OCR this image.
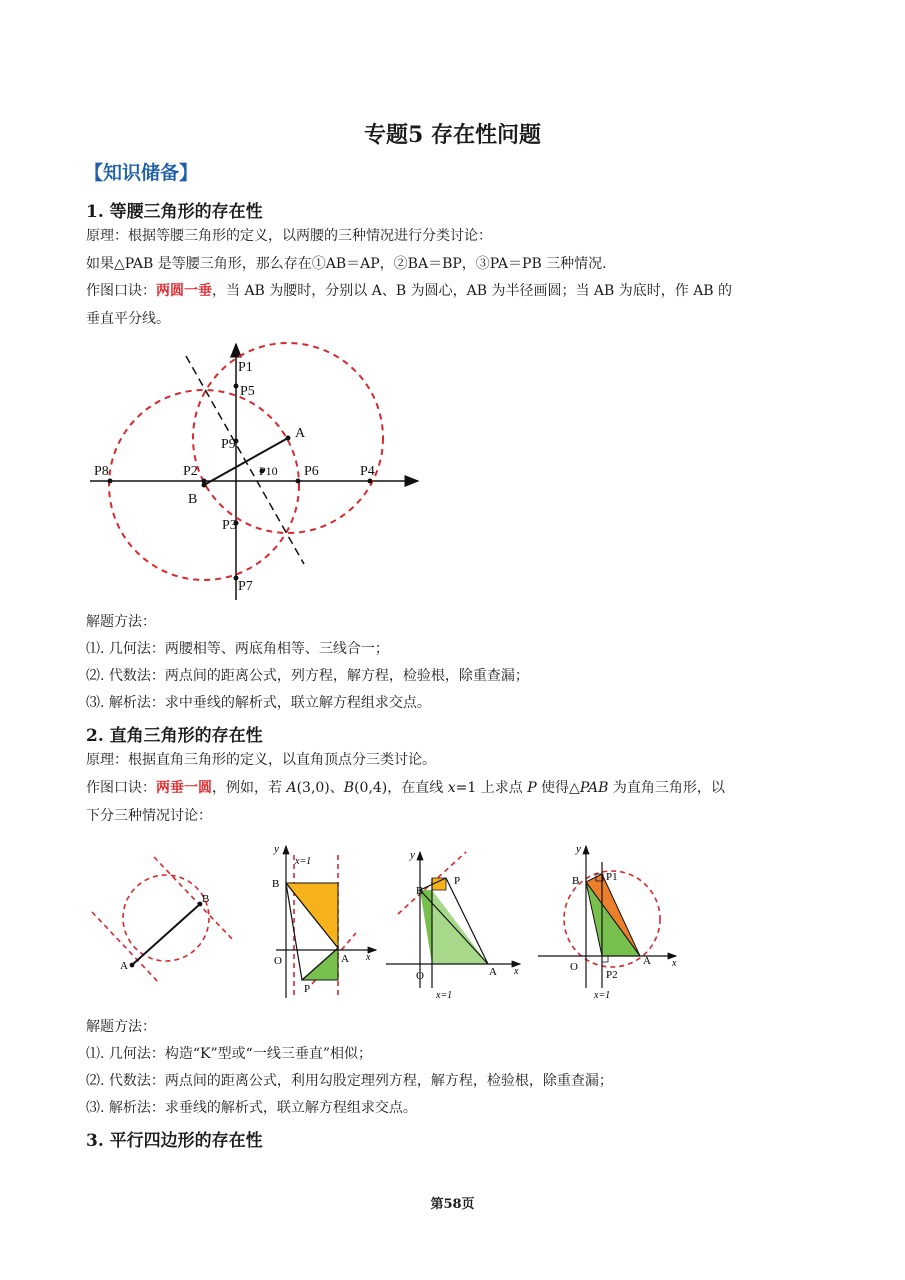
专题5 存在性问题
【知识储备】
1. 等腰三角形的存在性
原理：根据等腰三角形的定义，以两腰的三种情况进行分类讨论：
如果△PAB 是等腰三角形，那么存在①AB＝AP，②BA＝BP，③PA＝PB 三种情况.
作图口诀：两圆一垂，当 AB 为腰时，分别以 A、B 为圆心，AB 为半径画圆；当 AB 为底时，作 AB 的
垂直平分线。
A
B
P1
P5
P9
P2	P10 P6	P4
P8
P3
P7
解题方法：
⑴. 几何法：两腰相等、两底角相等、三线合一；
⑵. 代数法：两点间的距离公式，列方程，解方程，检验根，除重查漏；
⑶. 解析法：求中垂线的解析式，联立解方程组求交点。
2. 直角三角形的存在性
原理：根据直角三角形的定义，以直角顶点分三类讨论。
作图口诀：两垂一圆，例如，若 A(3,0)、B(0,4)，在直线 x=1 上求点 P 使得△PAB 为直角三角形，以
下分三种情况讨论：
A
B
y
x=1
B
O	A
P
x
y
B
P
O	A
x=1
x
y
B P1
O
P2
A
x=1
x
解题方法：
⑴. 几何法：构造“K”型或“一线三垂直”相似；
⑵. 代数法：两点间的距离公式，利用勾股定理列方程，解方程，检验根，除重查漏；
⑶. 解析法：求垂线的解析式，联立解方程组求交点。
3. 平行四边形的存在性
第58页
